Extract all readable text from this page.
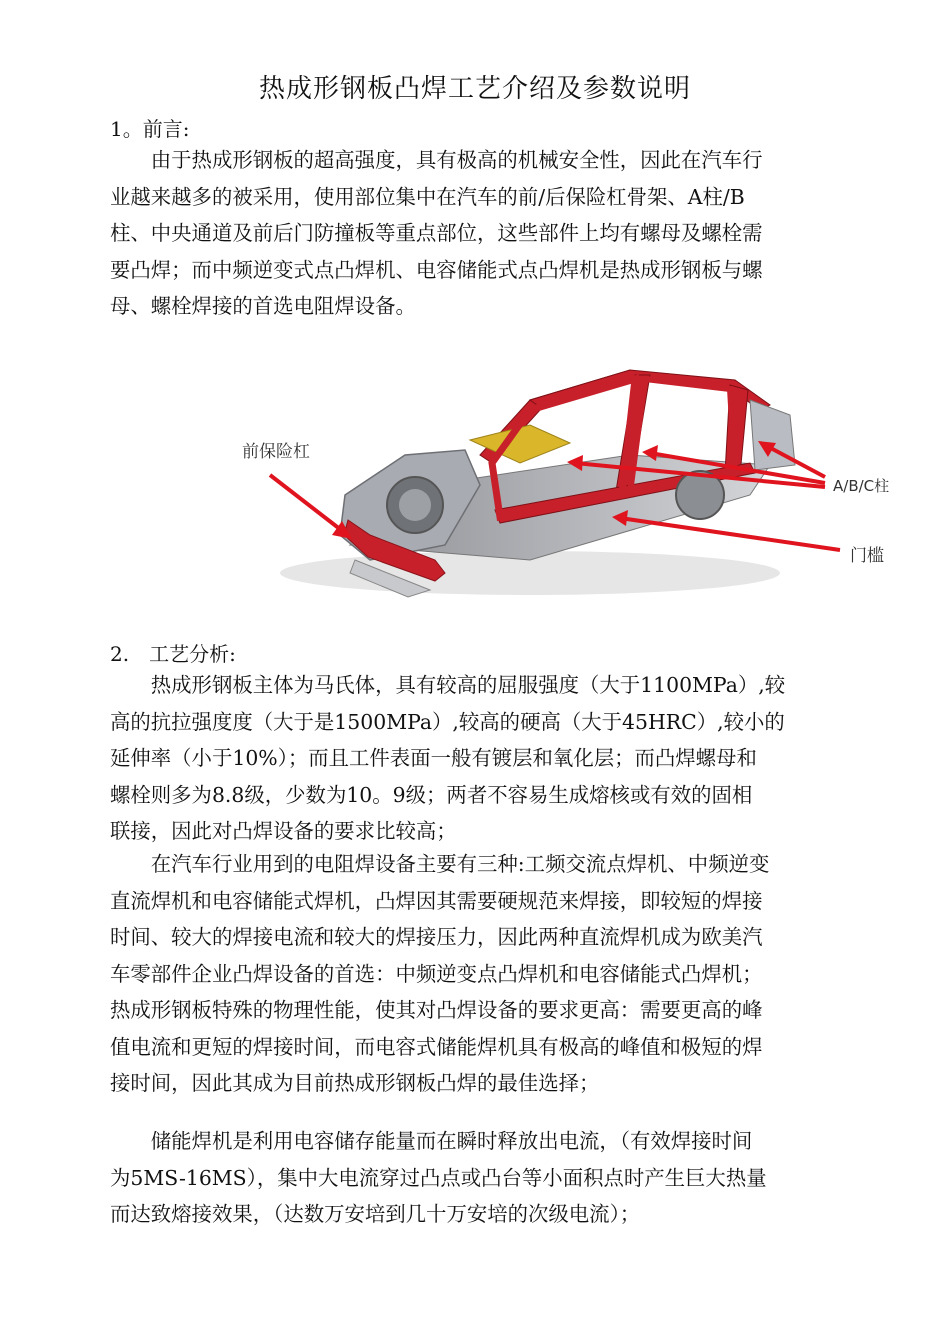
热成形钢板凸焊工艺介绍及参数说明
1。前言:
　　由于热成形钢板的超高强度，具有极高的机械安全性，因此在汽车行
业越来越多的被采用，使用部位集中在汽车的前/后保险杠骨架、A柱/B
柱、中央通道及前后门防撞板等重点部位，这些部件上均有螺母及螺栓需
要凸焊；而中频逆变式点凸焊机、电容储能式点凸焊机是热成形钢板与螺
母、螺栓焊接的首选电阻焊设备。
前保险杠
A/B/C柱
门槛
2.　工艺分析:
　　热成形钢板主体为马氏体，具有较高的屈服强度（大于1100MPa）,较
高的抗拉强度度（大于是1500MPa）,较高的硬高（大于45HRC）,较小的
延伸率（小于10%）；而且工件表面一般有镀层和氧化层；而凸焊螺母和
螺栓则多为8.8级，少数为10。9级；两者不容易生成熔核或有效的固相
联接，因此对凸焊设备的要求比较高；
　　在汽车行业用到的电阻焊设备主要有三种:工频交流点焊机、中频逆变
直流焊机和电容储能式焊机，凸焊因其需要硬规范来焊接，即较短的焊接
时间、较大的焊接电流和较大的焊接压力，因此两种直流焊机成为欧美汽
车零部件企业凸焊设备的首选：中频逆变点凸焊机和电容储能式凸焊机；
热成形钢板特殊的物理性能，使其对凸焊设备的要求更高：需要更高的峰
值电流和更短的焊接时间，而电容式储能焊机具有极高的峰值和极短的焊
接时间，因此其成为目前热成形钢板凸焊的最佳选择；
　　储能焊机是利用电容储存能量而在瞬时释放出电流，（有效焊接时间
为5MS-16MS），集中大电流穿过凸点或凸台等小面积点时产生巨大热量
而达致熔接效果，（达数万安培到几十万安培的次级电流）；
